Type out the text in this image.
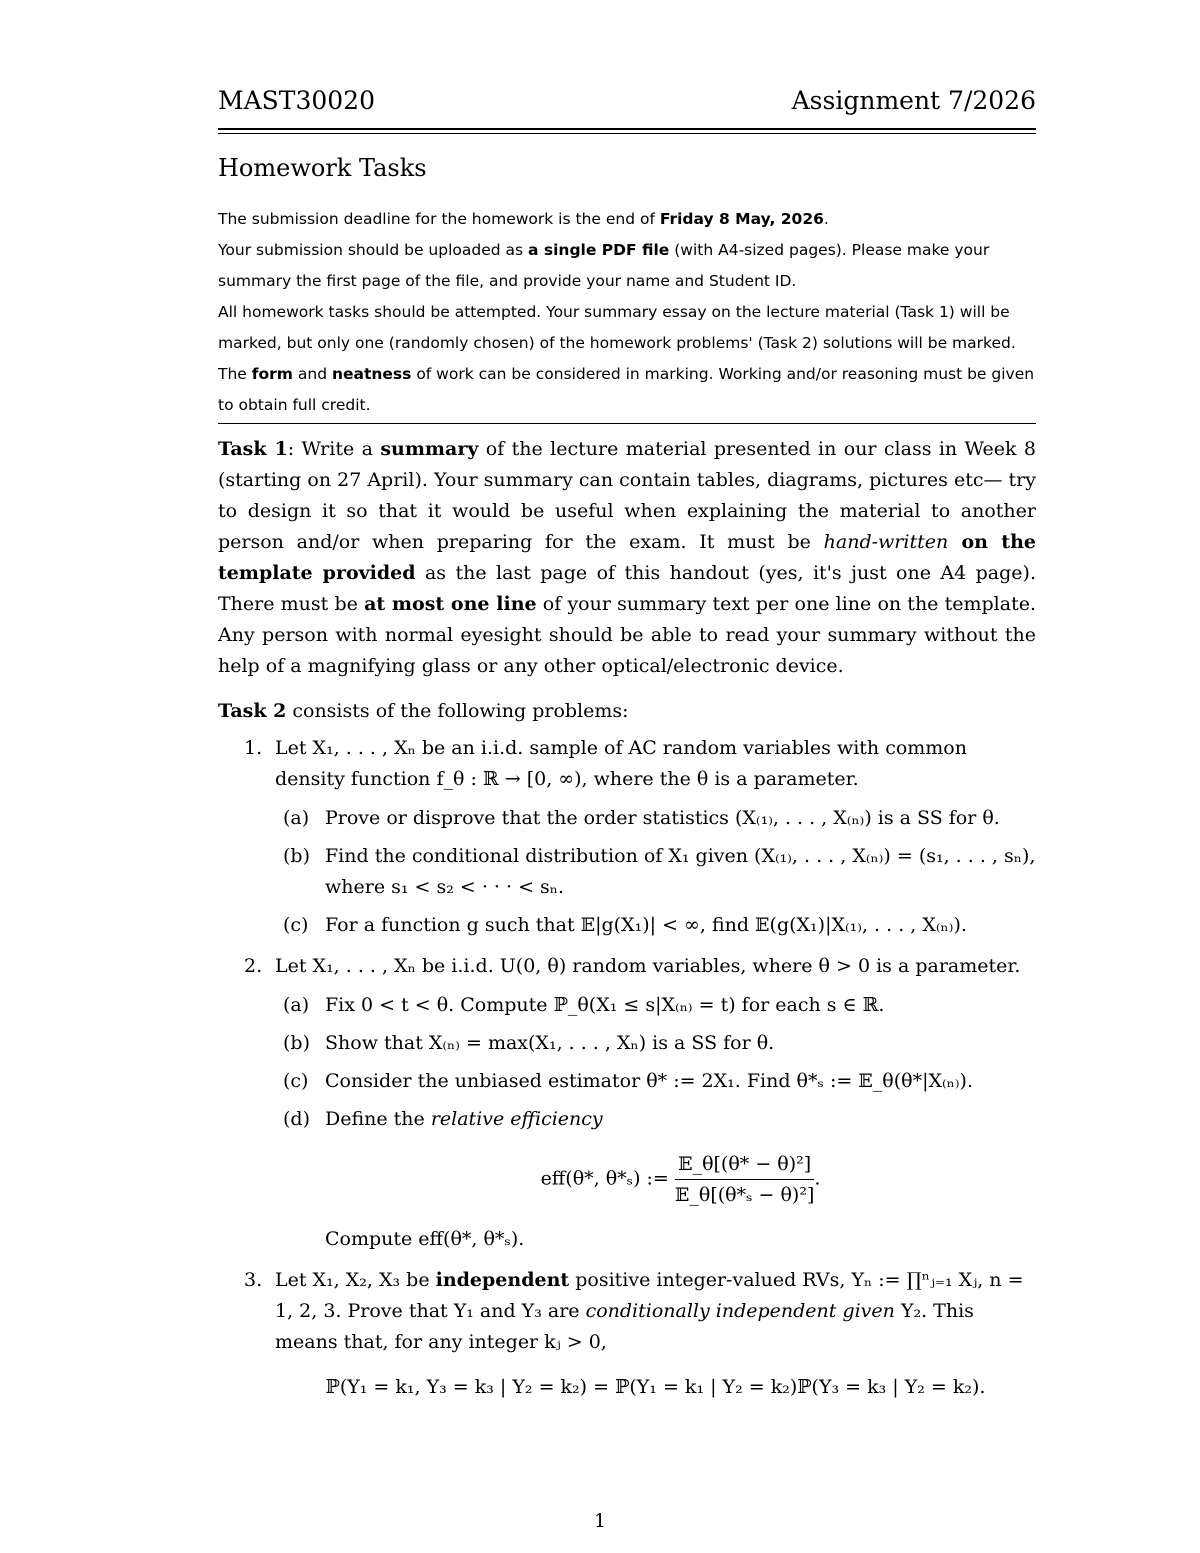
MAST30020	Assignment 7/2026
Homework Tasks
The submission deadline for the homework is the end of Friday 8 May, 2026.
Your submission should be uploaded as a single PDF file (with A4-sized pages). Please make your summary the first page of the file, and provide your name and Student ID.
All homework tasks should be attempted. Your summary essay on the lecture material (Task 1) will be marked, but only one (randomly chosen) of the homework problems' (Task 2) solutions will be marked. The form and neatness of work can be considered in marking. Working and/or reasoning must be given to obtain full credit.
Task 1: Write a summary of the lecture material presented in our class in Week 8 (starting on 27 April). Your summary can contain tables, diagrams, pictures etc— try to design it so that it would be useful when explaining the material to another person and/or when preparing for the exam. It must be hand-written on the template provided as the last page of this handout (yes, it's just one A4 page). There must be at most one line of your summary text per one line on the template. Any person with normal eyesight should be able to read your summary without the help of a magnifying glass or any other optical/electronic device.
Task 2 consists of the following problems:
1. Let X₁, . . . , Xₙ be an i.i.d. sample of AC random variables with common density function f_θ : ℝ → [0, ∞), where the θ is a parameter.
(a) Prove or disprove that the order statistics (X₍₁₎, . . . , X₍ₙ₎) is a SS for θ.
(b) Find the conditional distribution of X₁ given (X₍₁₎, . . . , X₍ₙ₎) = (s₁, . . . , sₙ), where s₁ < s₂ < · · · < sₙ.
(c) For a function g such that 𝔼|g(X₁)| < ∞, find 𝔼(g(X₁)|X₍₁₎, . . . , X₍ₙ₎).
2. Let X₁, . . . , Xₙ be i.i.d. U(0, θ) random variables, where θ > 0 is a parameter.
(a) Fix 0 < t < θ. Compute ℙ_θ(X₁ ≤ s|X₍ₙ₎ = t) for each s ∈ ℝ.
(b) Show that X₍ₙ₎ = max(X₁, . . . , Xₙ) is a SS for θ.
(c) Consider the unbiased estimator θ* := 2X₁. Find θ*ₛ := 𝔼_θ(θ*|X₍ₙ₎).
(d) Define the relative efficiency
eff(θ*, θ*ₛ) := $\frac{\text{𝔼\_θ[(θ* − θ)²]}}{\text{𝔼\_θ[(θ*ₛ − θ)²]}}$ .
Compute eff(θ*, θ*ₛ).
3. Let X₁, X₂, X₃ be independent positive integer-valued RVs, Yₙ := ∏ⁿⱼ₌₁ Xⱼ, n = 1, 2, 3. Prove that Y₁ and Y₃ are conditionally independent given Y₂. This means that, for any integer kⱼ > 0,
ℙ(Y₁ = k₁, Y₃ = k₃ | Y₂ = k₂) = ℙ(Y₁ = k₁ | Y₂ = k₂)ℙ(Y₃ = k₃ | Y₂ = k₂).
1
